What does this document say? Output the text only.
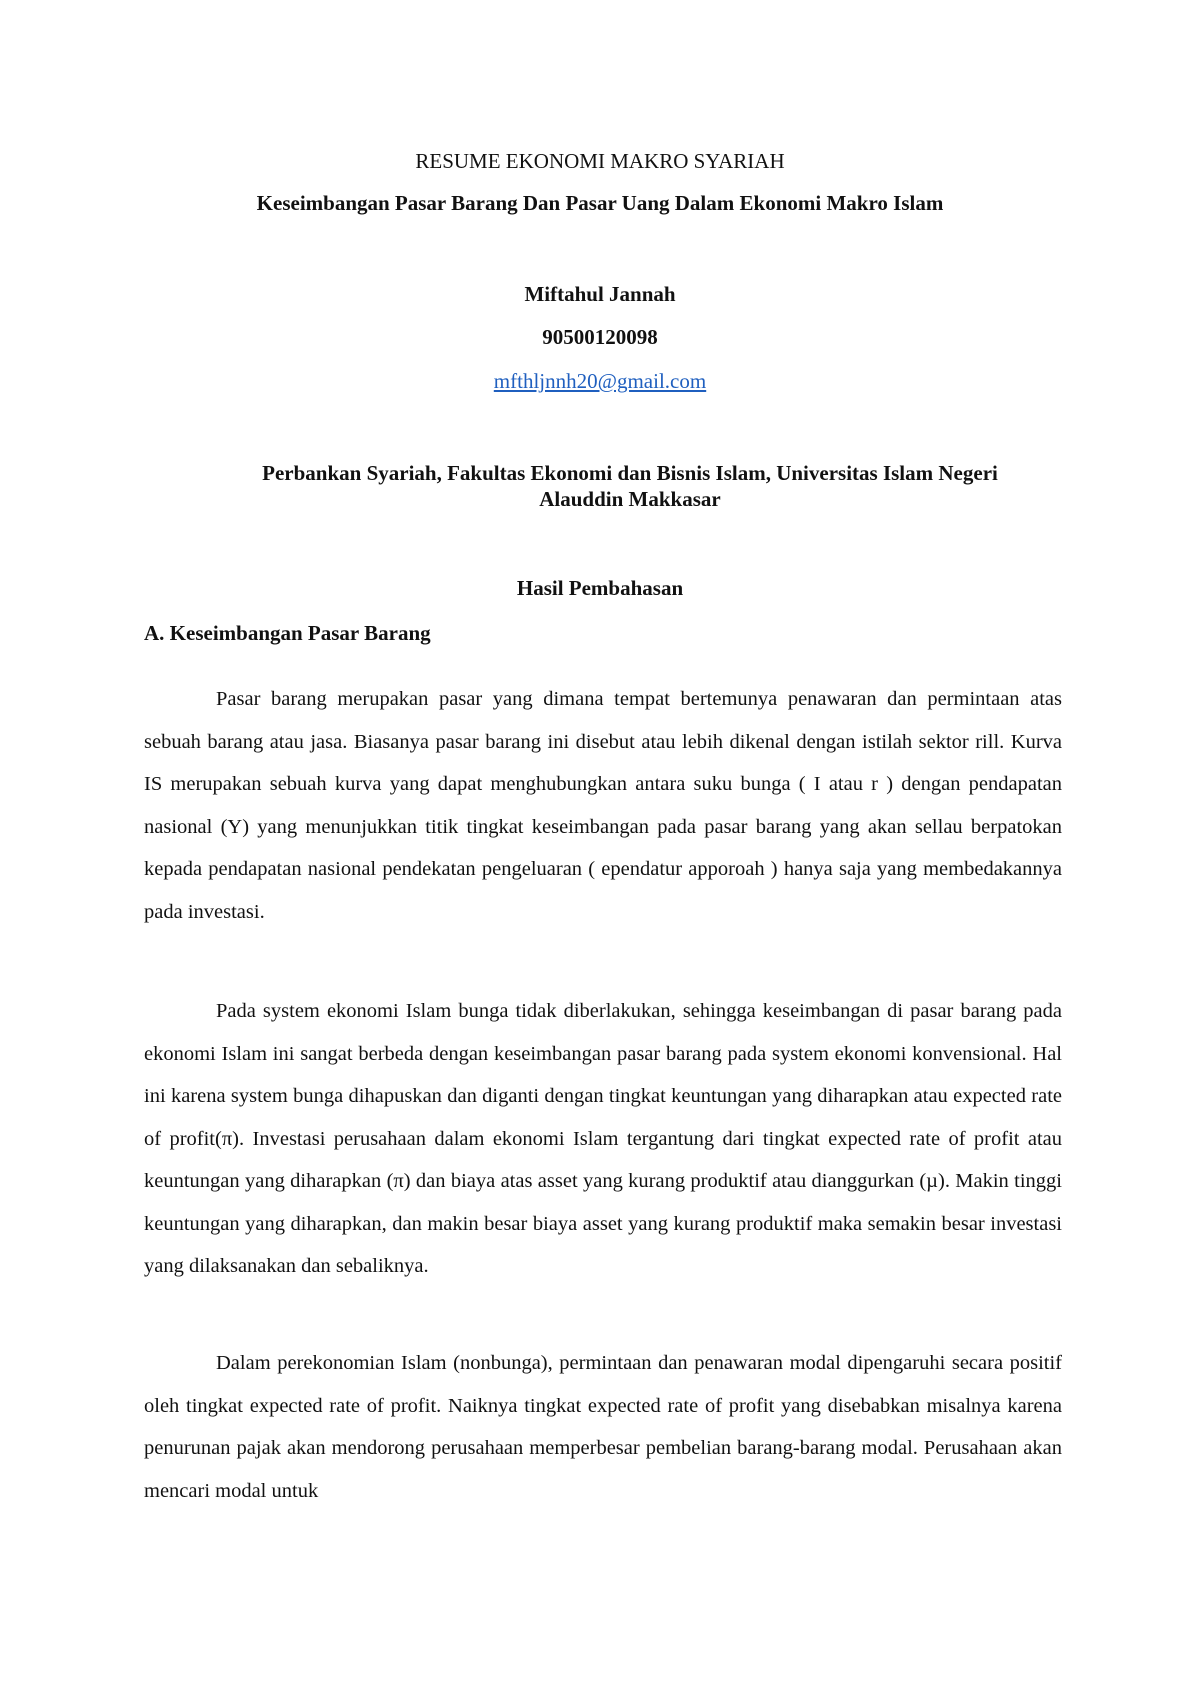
RESUME EKONOMI MAKRO SYARIAH
Keseimbangan Pasar Barang Dan Pasar Uang Dalam Ekonomi Makro Islam
Miftahul Jannah
90500120098
mfthljnnh20@gmail.com
Perbankan Syariah, Fakultas Ekonomi dan Bisnis Islam, Universitas Islam Negeri Alauddin Makkasar
Hasil Pembahasan
A. Keseimbangan Pasar Barang

Pasar barang merupakan pasar yang dimana tempat bertemunya penawaran dan permintaan atas sebuah barang atau jasa. Biasanya pasar barang ini disebut atau lebih dikenal dengan istilah sektor rill. Kurva IS merupakan sebuah kurva yang dapat menghubungkan antara suku bunga ( I atau r ) dengan pendapatan nasional (Y) yang menunjukkan titik tingkat keseimbangan pada pasar barang yang akan sellau berpatokan kepada pendapatan nasional pendekatan pengeluaran ( ependatur apporoah ) hanya saja yang membedakannya pada investasi.

Pada system ekonomi Islam bunga tidak diberlakukan, sehingga keseimbangan di pasar barang pada ekonomi Islam ini sangat berbeda dengan keseimbangan pasar barang pada system ekonomi konvensional. Hal ini karena system bunga dihapuskan dan diganti dengan tingkat keuntungan yang diharapkan atau expected rate of profit(π). Investasi perusahaan dalam ekonomi Islam tergantung dari tingkat expected rate of profit atau keuntungan yang diharapkan (π) dan biaya atas asset yang kurang produktif atau dianggurkan (µ). Makin tinggi keuntungan yang diharapkan, dan makin besar biaya asset yang kurang produktif maka semakin besar investasi yang dilaksanakan dan sebaliknya.

Dalam perekonomian Islam (nonbunga), permintaan dan penawaran modal dipengaruhi secara positif oleh tingkat expected rate of profit. Naiknya tingkat expected rate of profit yang disebabkan misalnya karena penurunan pajak akan mendorong perusahaan memperbesar pembelian barang-barang modal. Perusahaan akan mencari modal untuk
